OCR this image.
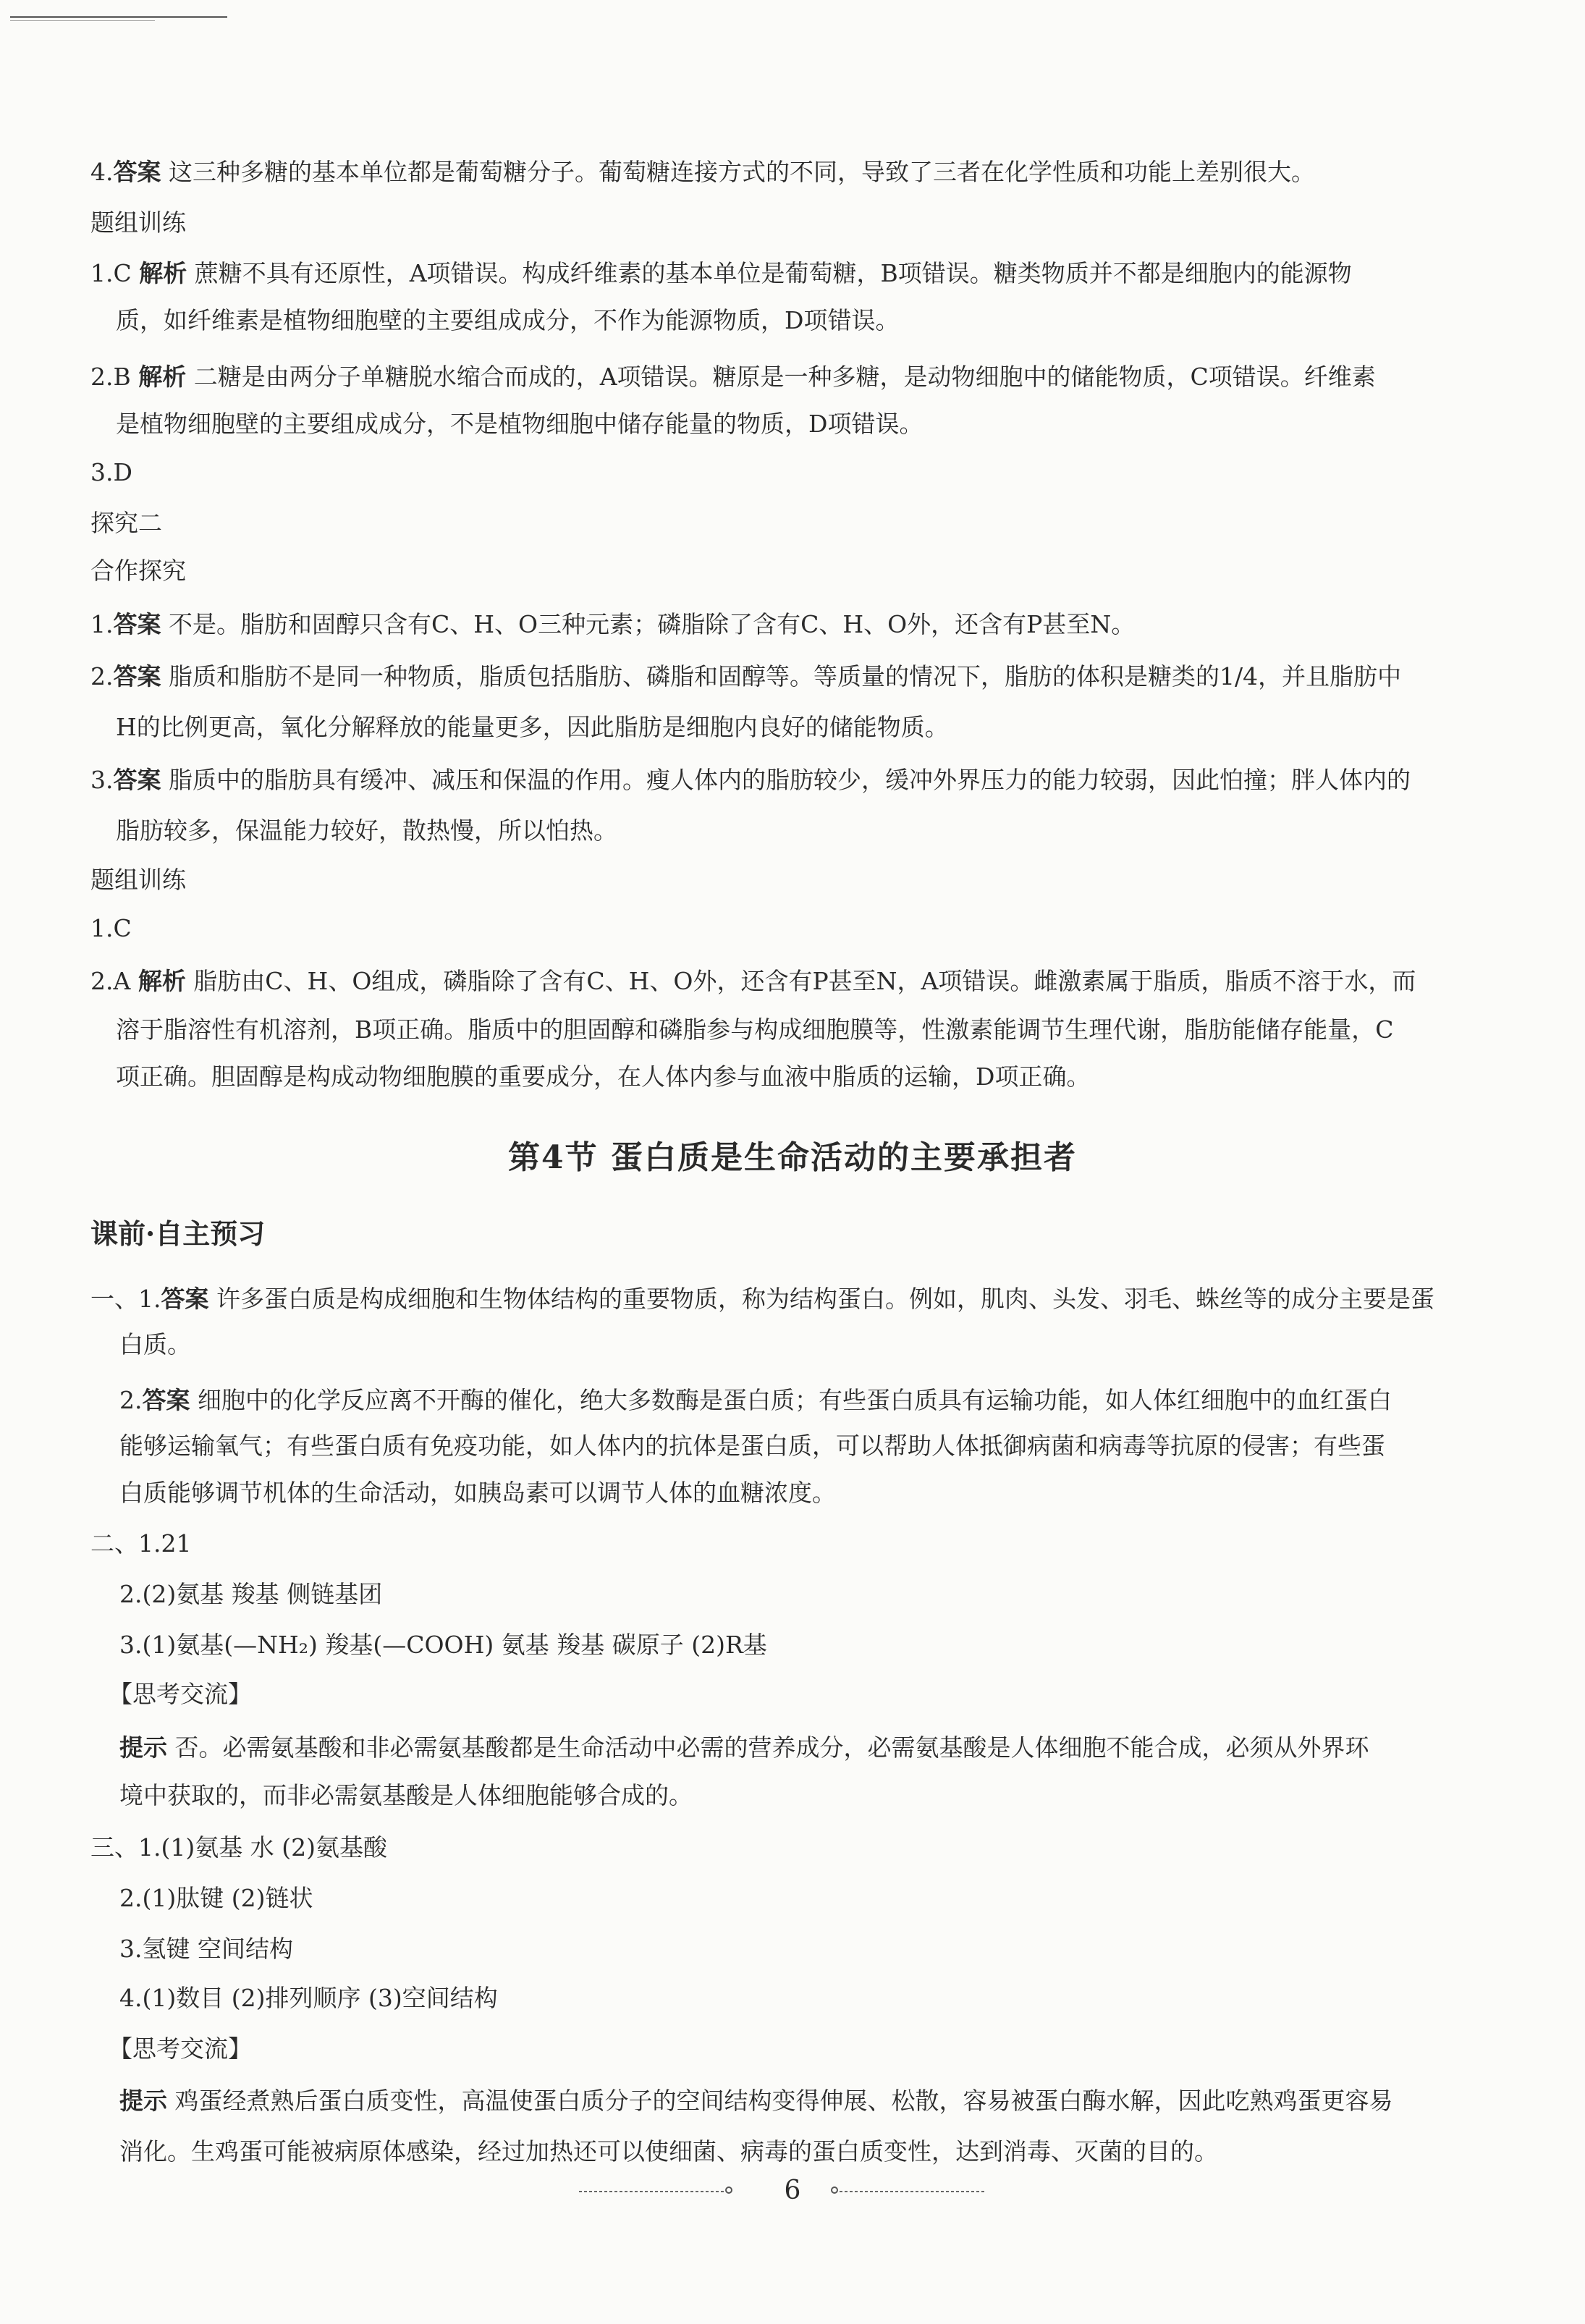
4.答案 这三种多糖的基本单位都是葡萄糖分子。葡萄糖连接方式的不同，导致了三者在化学性质和功能上差别很大。
题组训练
1.C 解析 蔗糖不具有还原性，A项错误。构成纤维素的基本单位是葡萄糖，B项错误。糖类物质并不都是细胞内的能源物
质，如纤维素是植物细胞壁的主要组成成分，不作为能源物质，D项错误。
2.B 解析 二糖是由两分子单糖脱水缩合而成的，A项错误。糖原是一种多糖，是动物细胞中的储能物质，C项错误。纤维素
是植物细胞壁的主要组成成分，不是植物细胞中储存能量的物质，D项错误。
3.D
探究二
合作探究
1.答案 不是。脂肪和固醇只含有C、H、O三种元素；磷脂除了含有C、H、O外，还含有P甚至N。
2.答案 脂质和脂肪不是同一种物质，脂质包括脂肪、磷脂和固醇等。等质量的情况下，脂肪的体积是糖类的1/4，并且脂肪中
H的比例更高，氧化分解释放的能量更多，因此脂肪是细胞内良好的储能物质。
3.答案 脂质中的脂肪具有缓冲、减压和保温的作用。瘦人体内的脂肪较少，缓冲外界压力的能力较弱，因此怕撞；胖人体内的
脂肪较多，保温能力较好，散热慢，所以怕热。
题组训练
1.C
2.A 解析 脂肪由C、H、O组成，磷脂除了含有C、H、O外，还含有P甚至N，A项错误。雌激素属于脂质，脂质不溶于水，而
溶于脂溶性有机溶剂，B项正确。脂质中的胆固醇和磷脂参与构成细胞膜等，性激素能调节生理代谢，脂肪能储存能量，C
项正确。胆固醇是构成动物细胞膜的重要成分，在人体内参与血液中脂质的运输，D项正确。
第4节 蛋白质是生命活动的主要承担者
课前·自主预习
一、1.答案 许多蛋白质是构成细胞和生物体结构的重要物质，称为结构蛋白。例如，肌肉、头发、羽毛、蛛丝等的成分主要是蛋
白质。
2.答案 细胞中的化学反应离不开酶的催化，绝大多数酶是蛋白质；有些蛋白质具有运输功能，如人体红细胞中的血红蛋白
能够运输氧气；有些蛋白质有免疫功能，如人体内的抗体是蛋白质，可以帮助人体抵御病菌和病毒等抗原的侵害；有些蛋
白质能够调节机体的生命活动，如胰岛素可以调节人体的血糖浓度。
二、1.21
2.(2)氨基 羧基 侧链基团
3.(1)氨基(—NH₂) 羧基(—COOH) 氨基 羧基 碳原子 (2)R基
【思考交流】
提示 否。必需氨基酸和非必需氨基酸都是生命活动中必需的营养成分，必需氨基酸是人体细胞不能合成，必须从外界环
境中获取的，而非必需氨基酸是人体细胞能够合成的。
三、1.(1)氨基 水 (2)氨基酸
2.(1)肽键 (2)链状
3.氢键 空间结构
4.(1)数目 (2)排列顺序 (3)空间结构
【思考交流】
提示 鸡蛋经煮熟后蛋白质变性，高温使蛋白质分子的空间结构变得伸展、松散，容易被蛋白酶水解，因此吃熟鸡蛋更容易
消化。生鸡蛋可能被病原体感染，经过加热还可以使细菌、病毒的蛋白质变性，达到消毒、灭菌的目的。
6
